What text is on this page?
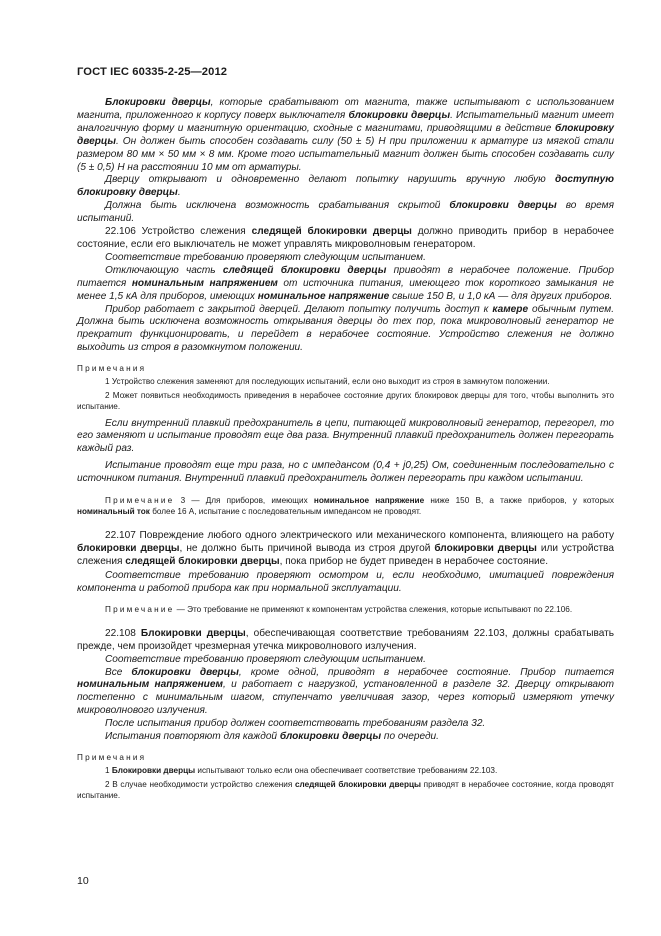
ГОСТ IEC 60335-2-25—2012

Блокировки дверцы, которые срабатывают от магнита, также испытывают с использованием магнита, приложенного к корпусу поверх выключателя блокировки дверцы. Испытательный магнит имеет аналогичную форму и магнитную ориентацию, сходные с магнитами, приводящими в действие блокировку дверцы. Он должен быть способен создавать силу (50 ± 5) Н при приложении к арматуре из мягкой стали размером 80 мм × 50 мм × 8 мм. Кроме того испытательный магнит должен быть способен создавать силу (5 ± 0,5) Н на расстоянии 10 мм от арматуры.

Дверцу открывают и одновременно делают попытку нарушить вручную любую доступную блокировку дверцы.

Должна быть исключена возможность срабатывания скрытой блокировки дверцы во время испытаний.

22.106 Устройство слежения следящей блокировки дверцы должно приводить прибор в нерабочее состояние, если его выключатель не может управлять микроволновым генератором.

Соответствие требованию проверяют следующим испытанием.

Отключающую часть следящей блокировки дверцы приводят в нерабочее положение. Прибор питается номинальным напряжением от источника питания, имеющего ток короткого замыкания не менее 1,5 кА для приборов, имеющих номинальное напряжение свыше 150 В, и 1,0 кА — для других приборов.

Прибор работает с закрытой дверцей. Делают попытку получить доступ к камере обычным путем. Должна быть исключена возможность открывания дверцы до тех пор, пока микроволновый генератор не прекратит функционировать, и перейдет в нерабочее состояние. Устройство слежения не должно выходить из строя в разомкнутом положении.

Примечания

1 Устройство слежения заменяют для последующих испытаний, если оно выходит из строя в замкнутом положении.

2 Может появиться необходимость приведения в нерабочее состояние других блокировок дверцы для того, чтобы выполнить это испытание.

Если внутренний плавкий предохранитель в цепи, питающей микроволновый генератор, перегорел, то его заменяют и испытание проводят еще два раза. Внутренний плавкий предохранитель должен перегорать каждый раз.

Испытание проводят еще три раза, но с импедансом (0,4 + j0,25) Ом, соединенным последовательно с источником питания. Внутренний плавкий предохранитель должен перегорать при каждом испытании.

Примечание 3 — Для приборов, имеющих номинальное напряжение ниже 150 В, а также приборов, у которых номинальный ток более 16 А, испытание с последовательным импедансом не проводят.

22.107 Повреждение любого одного электрического или механического компонента, влияющего на работу блокировки дверцы, не должно быть причиной вывода из строя другой блокировки дверцы или устройства слежения следящей блокировки дверцы, пока прибор не будет приведен в нерабочее состояние.

Соответствие требованию проверяют осмотром и, если необходимо, имитацией повреждения компонента и работой прибора как при нормальной эксплуатации.

Примечание — Это требование не применяют к компонентам устройства слежения, которые испытывают по 22.106.

22.108 Блокировки дверцы, обеспечивающая соответствие требованиям 22.103, должны срабатывать прежде, чем произойдет чрезмерная утечка микроволнового излучения.

Соответствие требованию проверяют следующим испытанием.

Все блокировки дверцы, кроме одной, приводят в нерабочее состояние. Прибор питается номинальным напряжением, и работает с нагрузкой, установленной в разделе 32. Дверцу открывают постепенно с минимальным шагом, ступенчато увеличивая зазор, через который измеряют утечку микроволнового излучения.

После испытания прибор должен соответствовать требованиям раздела 32.

Испытания повторяют для каждой блокировки дверцы по очереди.

Примечания

1 Блокировки дверцы испытывают только если она обеспечивает соответствие требованиям 22.103.

2 В случае необходимости устройство слежения следящей блокировки дверцы приводят в нерабочее состояние, когда проводят испытание.

10
